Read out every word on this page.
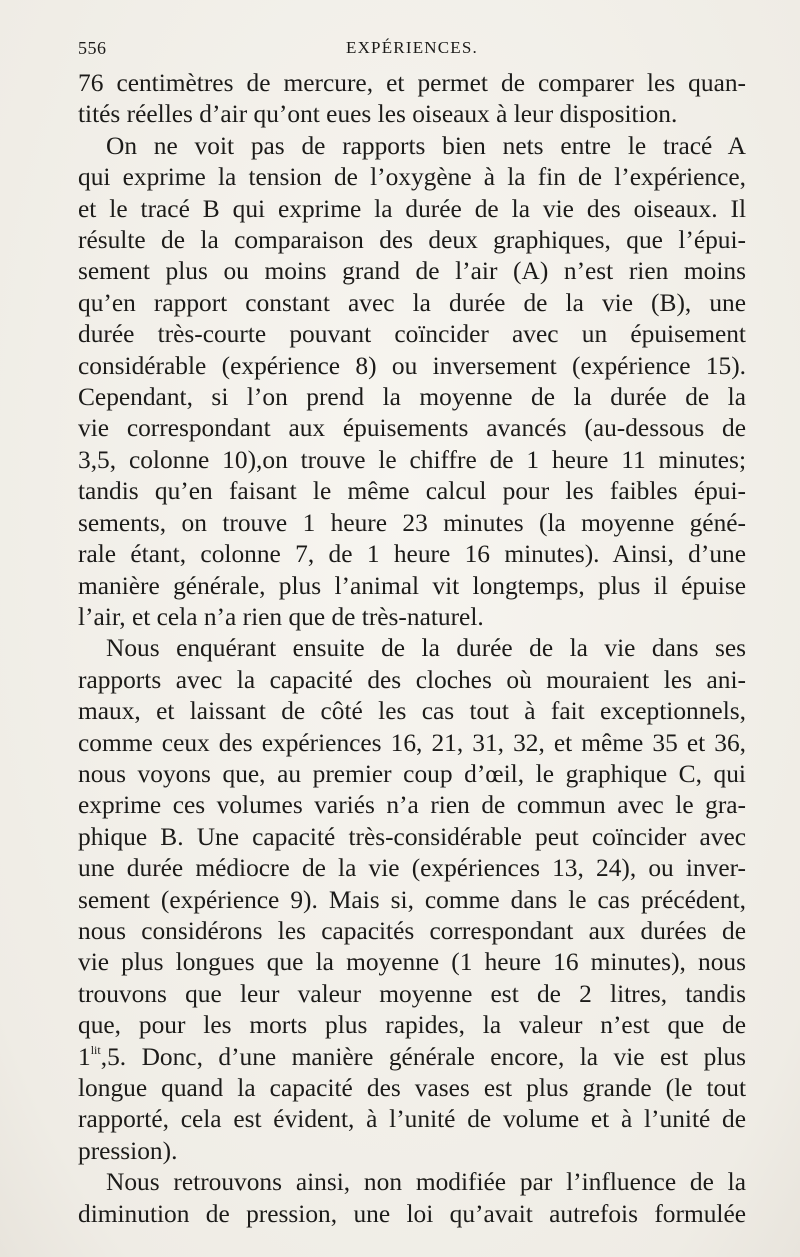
556	EXPÉRIENCES.

76 centimètres de mercure, et permet de comparer les quan-
tités réelles d’air qu’ont eues les oiseaux à leur disposition.

On ne voit pas de rapports bien nets entre le tracé A
qui exprime la tension de l’oxygène à la fin de l’expérience,
et le tracé B qui exprime la durée de la vie des oiseaux. Il
résulte de la comparaison des deux graphiques, que l’épui-
sement plus ou moins grand de l’air (A) n’est rien moins
qu’en rapport constant avec la durée de la vie (B), une
durée très-courte pouvant coïncider avec un épuisement
considérable (expérience 8) ou inversement (expérience 15).
Cependant, si l’on prend la moyenne de la durée de la
vie correspondant aux épuisements avancés (au-dessous de
3,5, colonne 10),on trouve le chiffre de 1 heure 11 minutes;
tandis qu’en faisant le même calcul pour les faibles épui-
sements, on trouve 1 heure 23 minutes (la moyenne géné-
rale étant, colonne 7, de 1 heure 16 minutes). Ainsi, d’une
manière générale, plus l’animal vit longtemps, plus il épuise
l’air, et cela n’a rien que de très-naturel.

Nous enquérant ensuite de la durée de la vie dans ses
rapports avec la capacité des cloches où mouraient les ani-
maux, et laissant de côté les cas tout à fait exceptionnels,
comme ceux des expériences 16, 21, 31, 32, et même 35 et 36,
nous voyons que, au premier coup d’œil, le graphique C, qui
exprime ces volumes variés n’a rien de commun avec le gra-
phique B. Une capacité très-considérable peut coïncider avec
une durée médiocre de la vie (expériences 13, 24), ou inver-
sement (expérience 9). Mais si, comme dans le cas précédent,
nous considérons les capacités correspondant aux durées de
vie plus longues que la moyenne (1 heure 16 minutes), nous
trouvons que leur valeur moyenne est de 2 litres, tandis
que, pour les morts plus rapides, la valeur n’est que de
$1^{lit},5$. Donc, d’une manière générale encore, la vie est plus
longue quand la capacité des vases est plus grande (le tout
rapporté, cela est évident, à l’unité de volume et à l’unité de
pression).

Nous retrouvons ainsi, non modifiée par l’influence de la
diminution de pression, une loi qu’avait autrefois formulée
